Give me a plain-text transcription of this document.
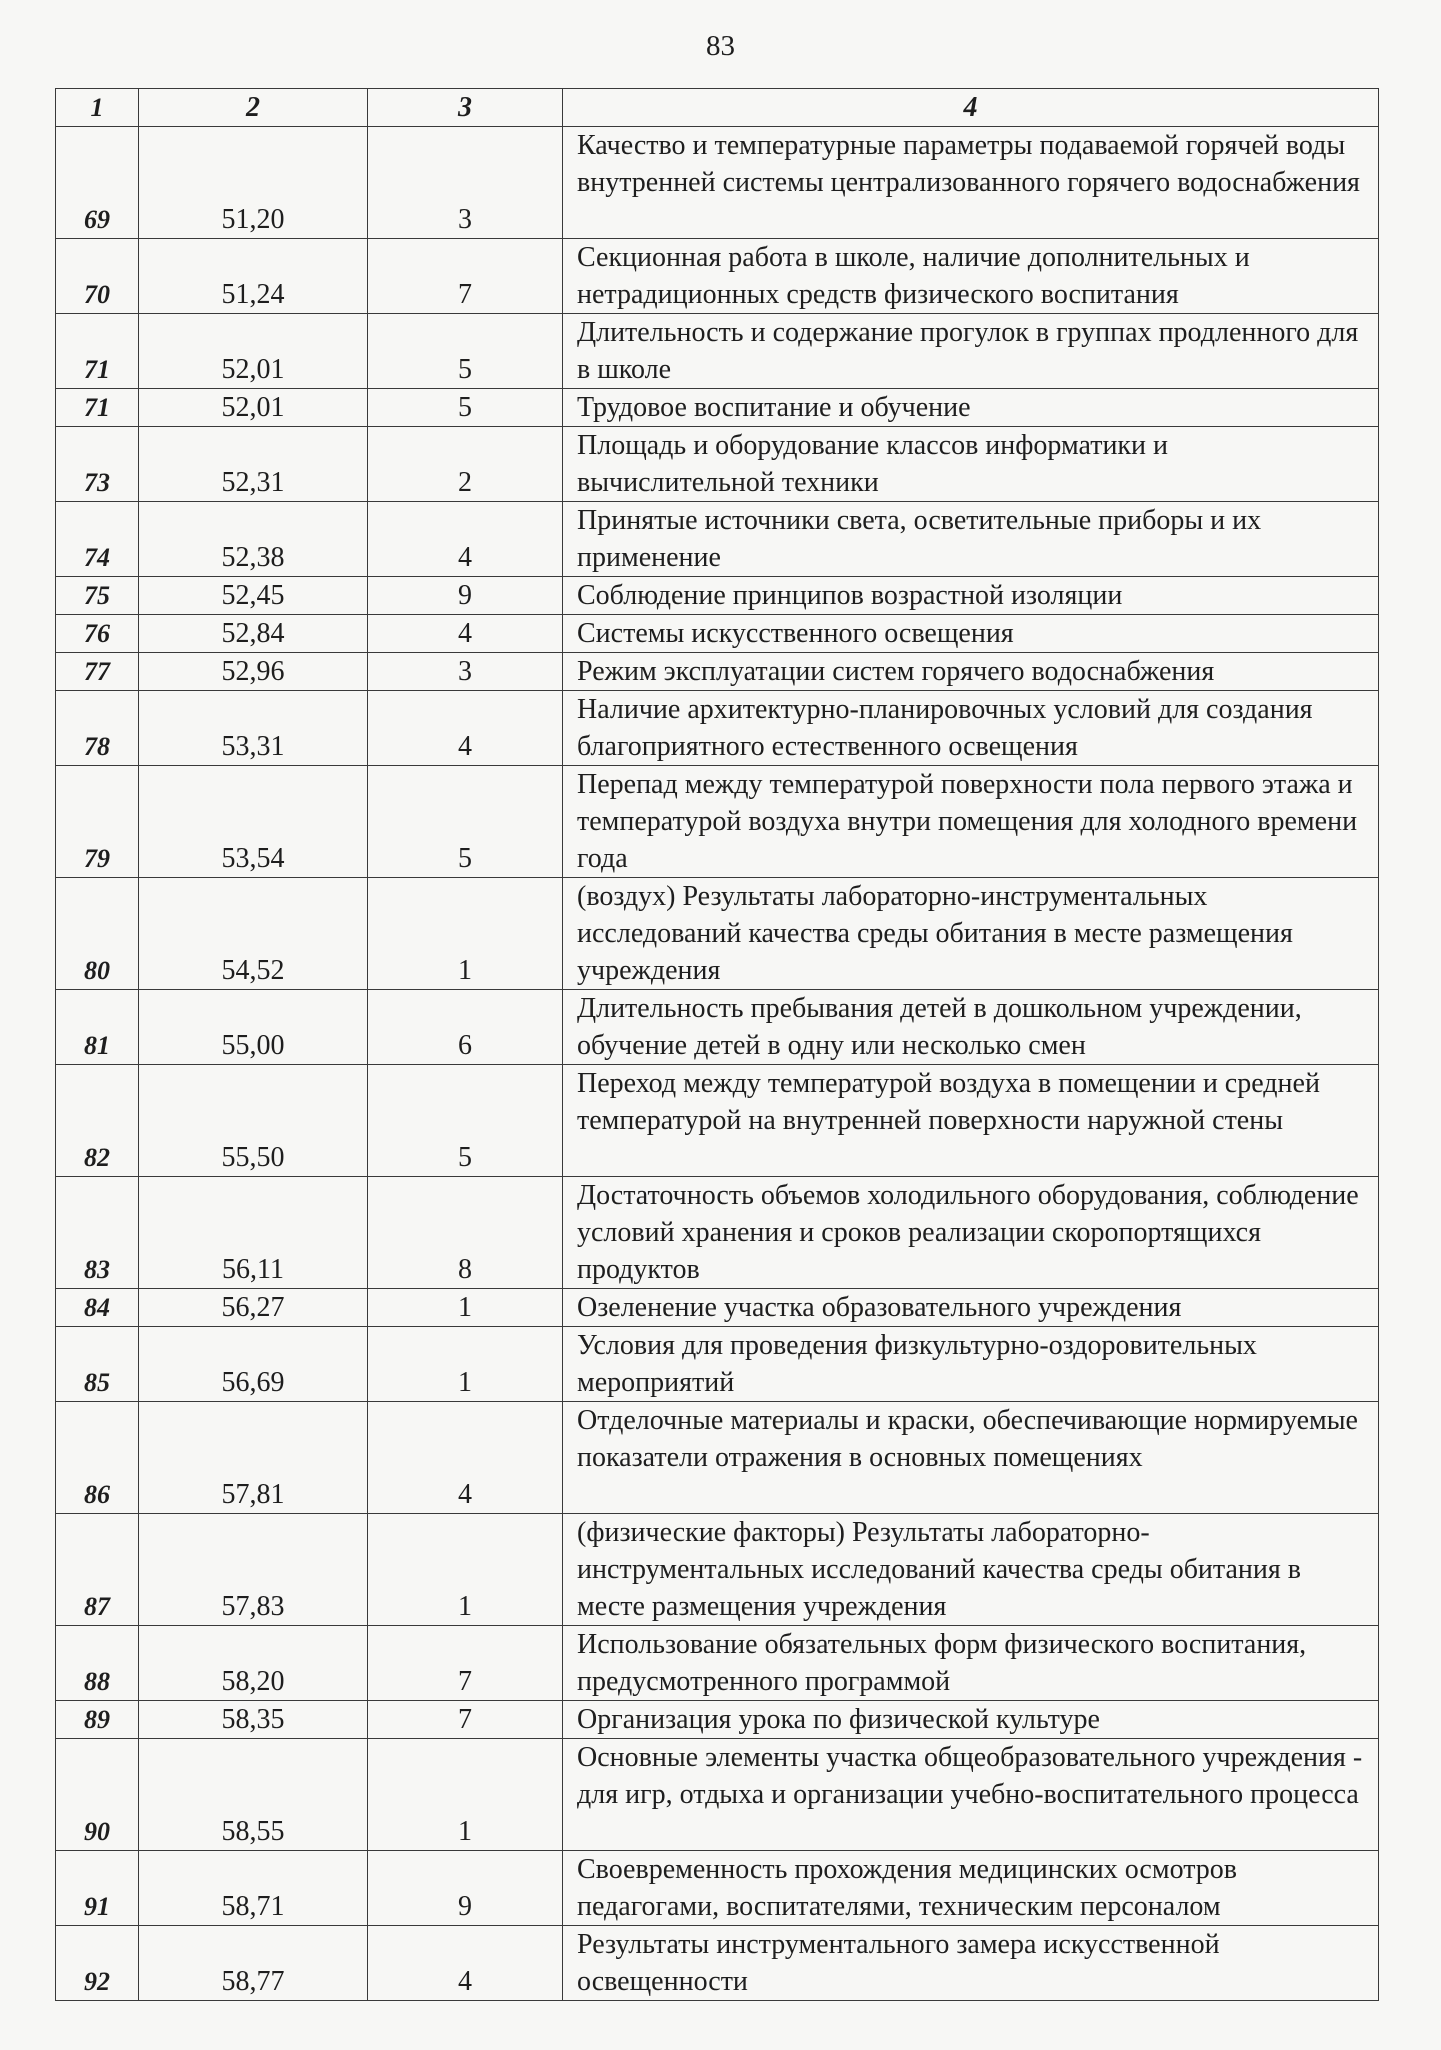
83
1	2	3	4
69	51,20	3	Качество и температурные параметры подаваемой горячей воды внутренней системы централизованного горячего водоснабжения
70	51,24	7	Секционная работа в школе, наличие дополнительных и нетрадиционных средств физического воспитания
71	52,01	5	Длительность и содержание прогулок в группах продленного для в школе
71	52,01	5	Трудовое воспитание и обучение
73	52,31	2	Площадь и оборудование классов информатики и вычислительной техники
74	52,38	4	Принятые источники света, осветительные приборы и их применение
75	52,45	9	Соблюдение принципов возрастной изоляции
76	52,84	4	Системы искусственного освещения
77	52,96	3	Режим эксплуатации систем горячего водоснабжения
78	53,31	4	Наличие архитектурно-планировочных условий для создания благоприятного естественного освещения
79	53,54	5	Перепад между температурой поверхности пола первого этажа и температурой воздуха внутри помещения для холодного времени года
80	54,52	1	(воздух) Результаты лабораторно-инструментальных исследований качества среды обитания в месте размещения учреждения
81	55,00	6	Длительность пребывания детей в дошкольном учреждении, обучение детей в одну или несколько смен
82	55,50	5	Переход между температурой воздуха в помещении и средней температурой на внутренней поверхности наружной стены
83	56,11	8	Достаточность объемов холодильного оборудования, соблюдение условий хранения и сроков реализации скоропортящихся продуктов
84	56,27	1	Озеленение участка образовательного учреждения
85	56,69	1	Условия для проведения физкультурно-оздоровительных мероприятий
86	57,81	4	Отделочные материалы и краски, обеспечивающие нормируемые показатели отражения в основных помещениях
87	57,83	1	(физические факторы) Результаты лабораторно-инструментальных исследований качества среды обитания в месте размещения учреждения
88	58,20	7	Использование обязательных форм физического воспитания, предусмотренного программой
89	58,35	7	Организация урока по физической культуре
90	58,55	1	Основные элементы участка общеобразовательного учреждения - для игр, отдыха и организации учебно-воспитательного процесса
91	58,71	9	Своевременность прохождения медицинских осмотров педагогами, воспитателями, техническим персоналом
92	58,77	4	Результаты инструментального замера искусственной освещенности
